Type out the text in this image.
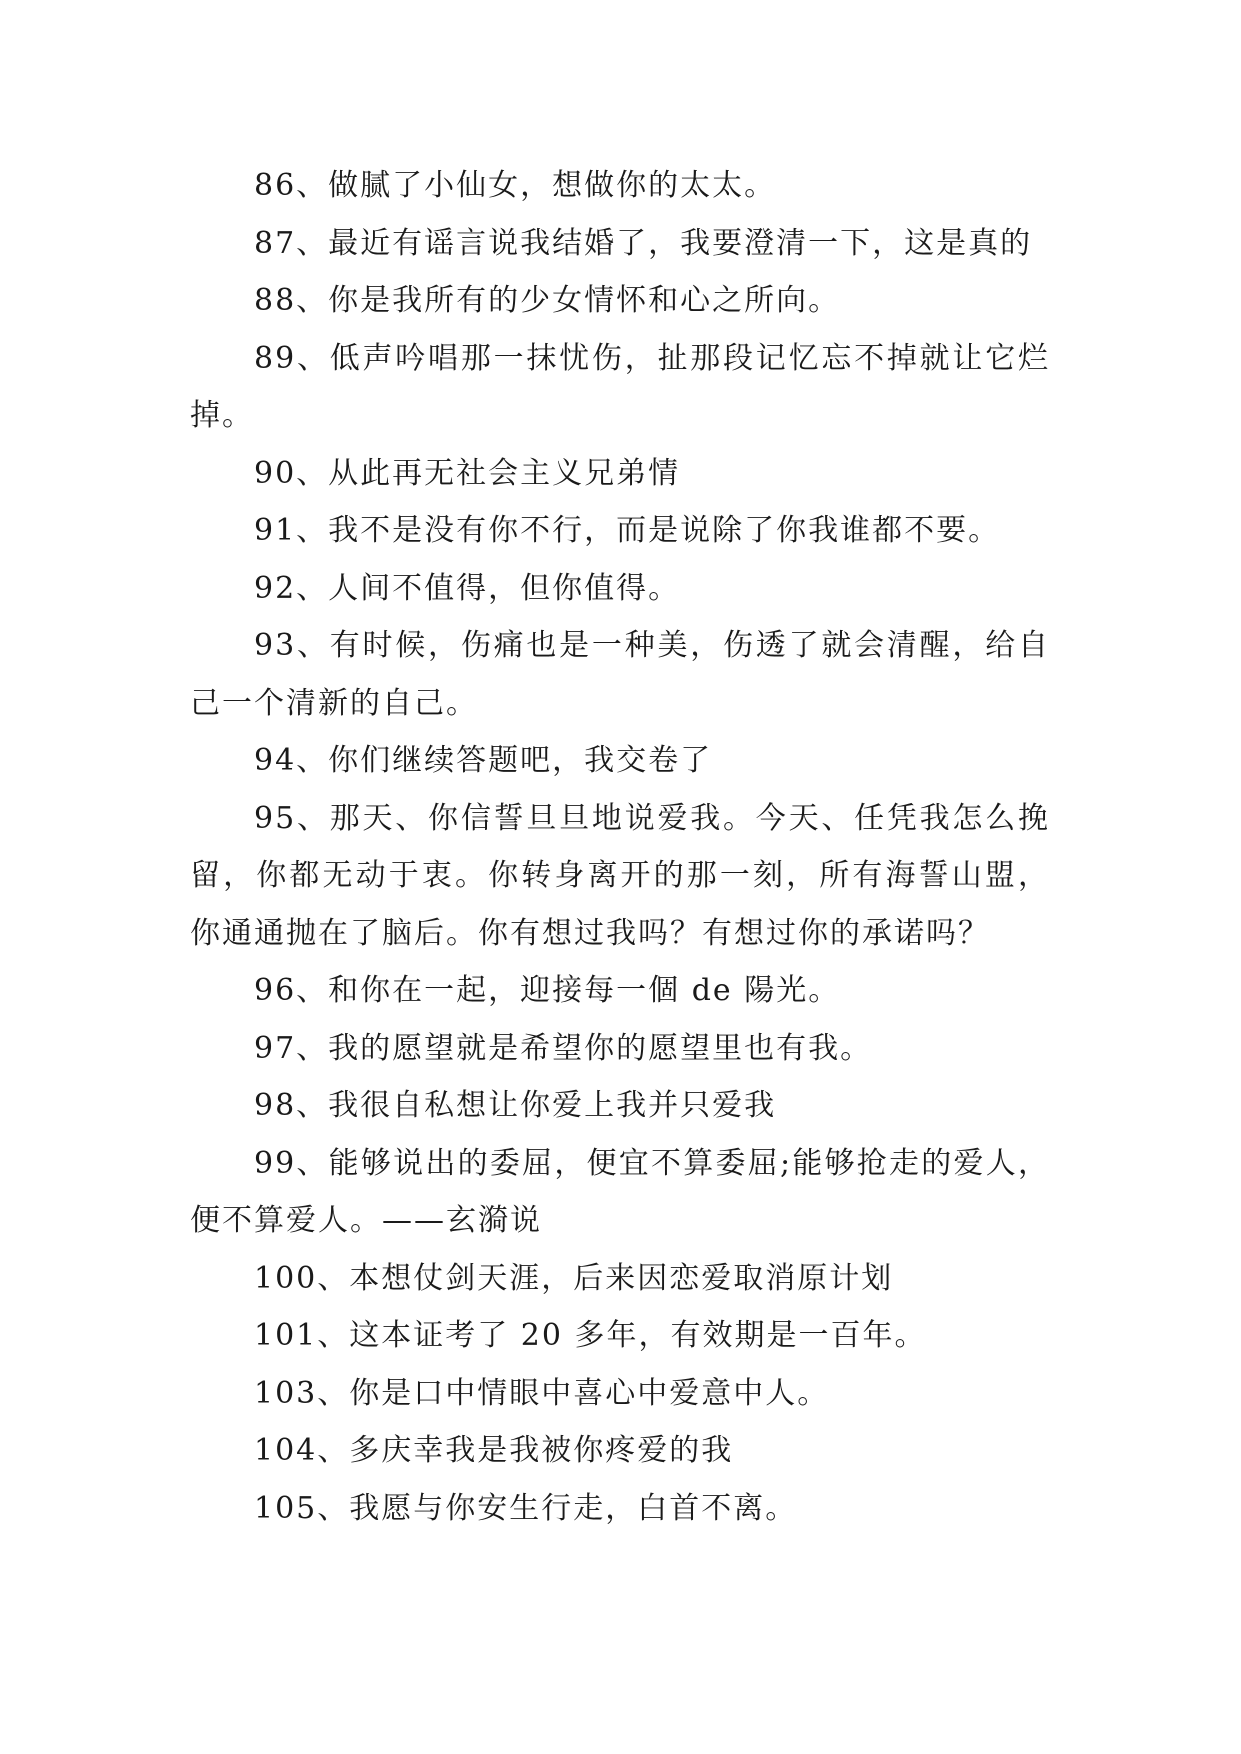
86、做腻了小仙女，想做你的太太。

87、最近有谣言说我结婚了，我要澄清一下，这是真的

88、你是我所有的少女情怀和心之所向。

89、低声吟唱那一抹忧伤，扯那段记忆忘不掉就让它烂掉。

90、从此再无社会主义兄弟情

91、我不是没有你不行，而是说除了你我谁都不要。

92、人间不值得，但你值得。

93、有时候，伤痛也是一种美，伤透了就会清醒，给自己一个清新的自己。

94、你们继续答题吧，我交卷了

95、那天、你信誓旦旦地说爱我。今天、任凭我怎么挽留，你都无动于衷。你转身离开的那一刻，所有海誓山盟，你通通抛在了脑后。你有想过我吗？有想过你的承诺吗？

96、和你在一起，迎接每一個 de 陽光。

97、我的愿望就是希望你的愿望里也有我。

98、我很自私想让你爱上我并只爱我

99、能够说出的委屈，便宜不算委屈;能够抢走的爱人，便不算爱人。——玄漪说

100、本想仗剑天涯，后来因恋爱取消原计划

101、这本证考了 20 多年，有效期是一百年。

103、你是口中情眼中喜心中爱意中人。

104、多庆幸我是我被你疼爱的我

105、我愿与你安生行走，白首不离。
